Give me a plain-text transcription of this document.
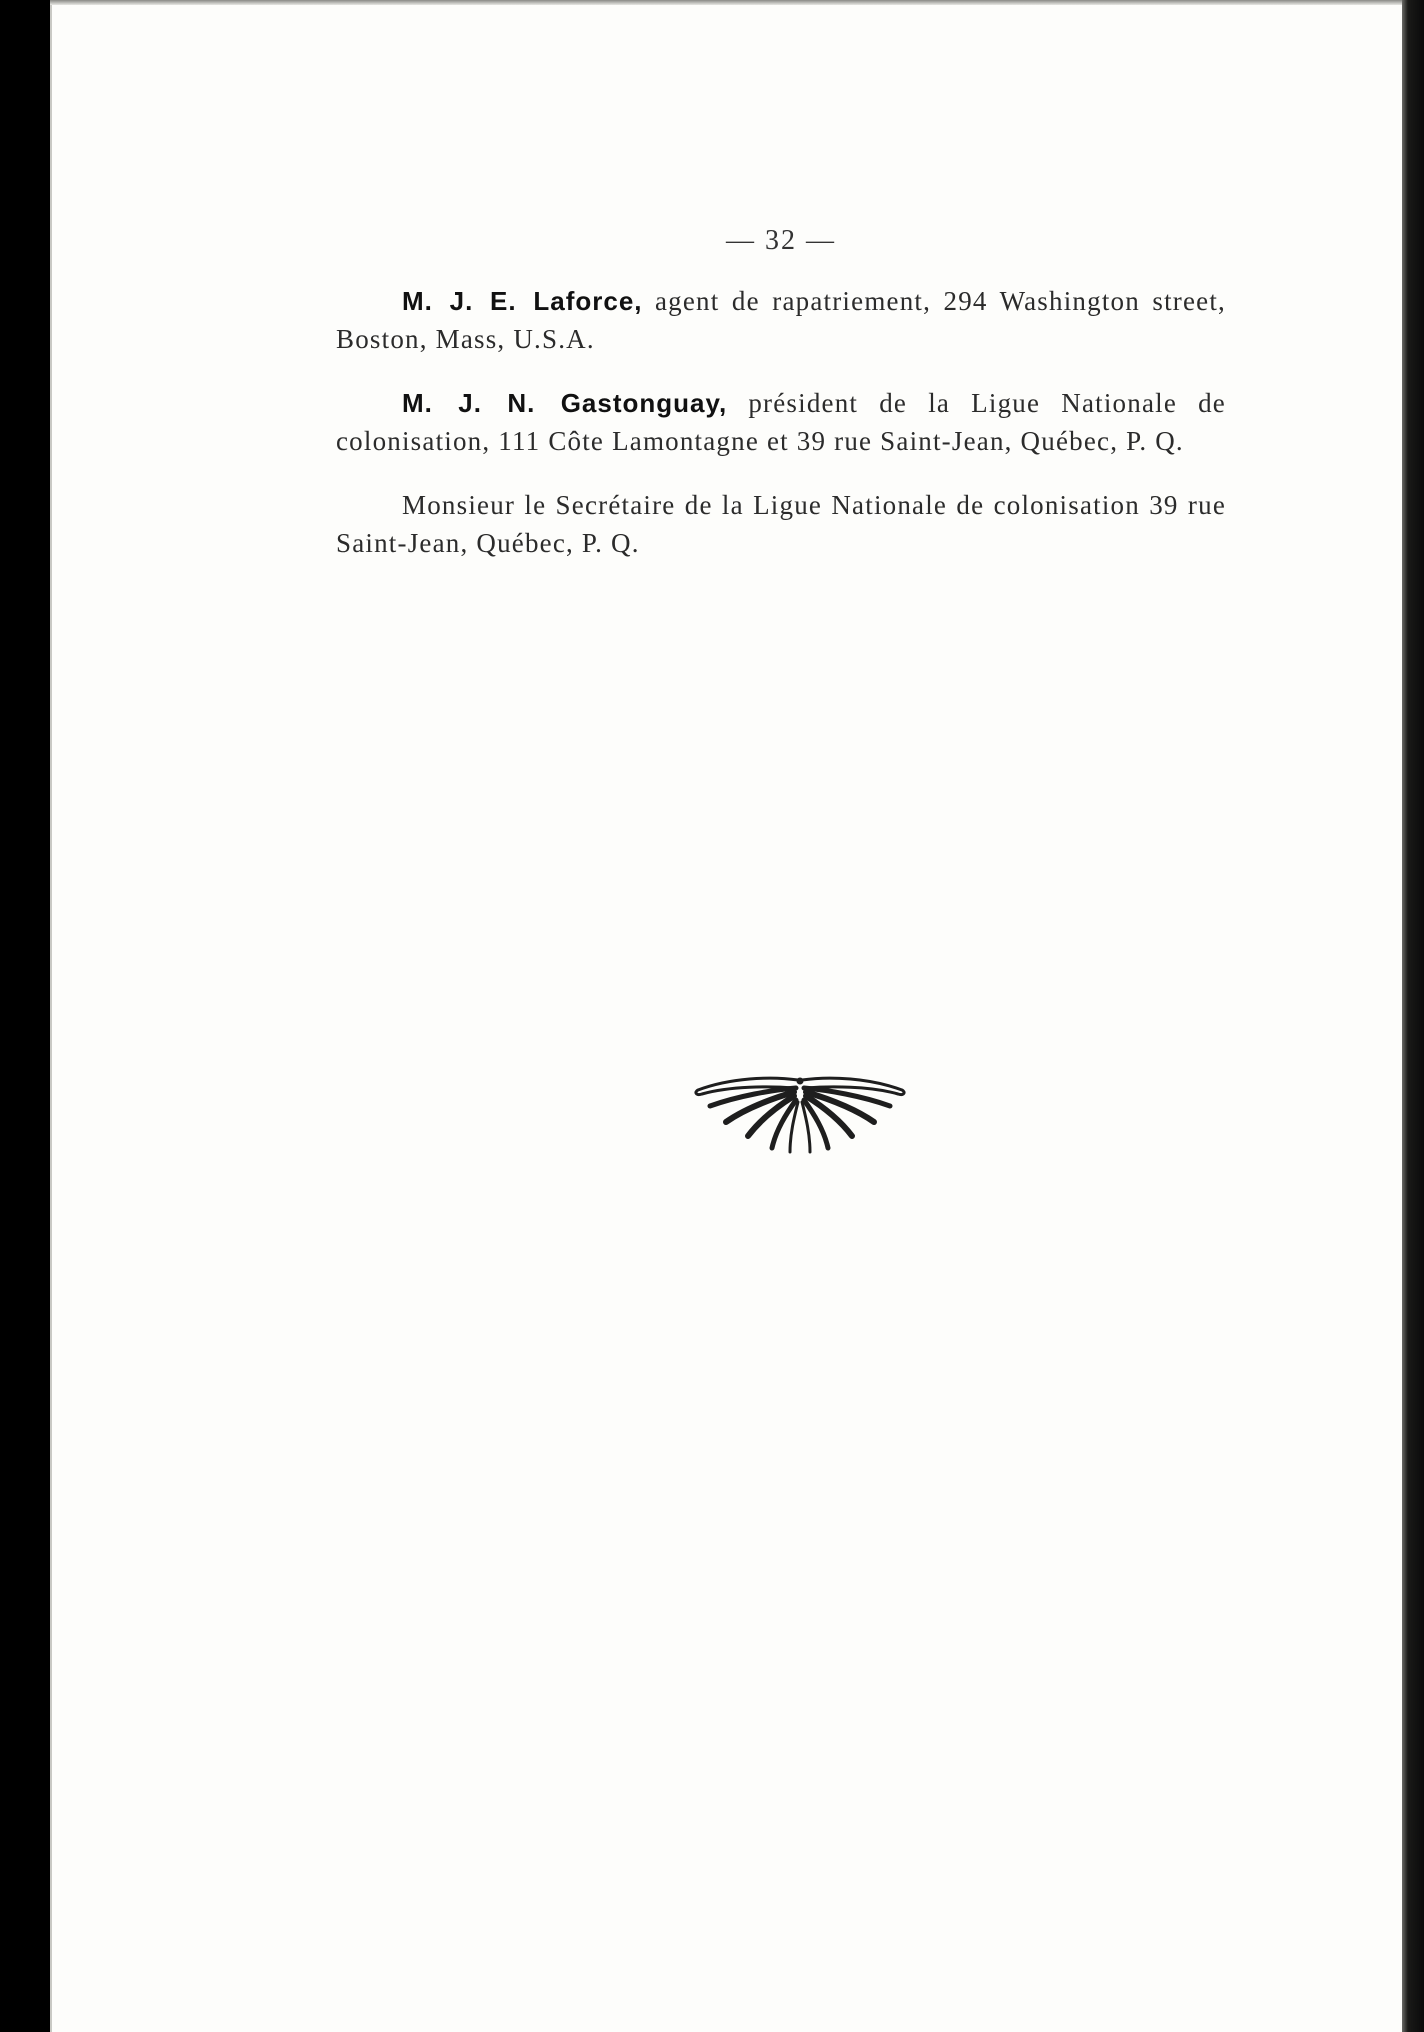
— 32 —

M. J. E. Laforce, agent de rapatriement, 294 Washington street, Boston, Mass, U.S.A.

M. J. N. Gastonguay, président de la Ligue Nationale de colonisation, 111 Côte Lamontagne et 39 rue Saint-Jean, Québec, P. Q.

Monsieur le Secrétaire de la Ligue Nationale de colonisation 39 rue Saint-Jean, Québec, P. Q.
